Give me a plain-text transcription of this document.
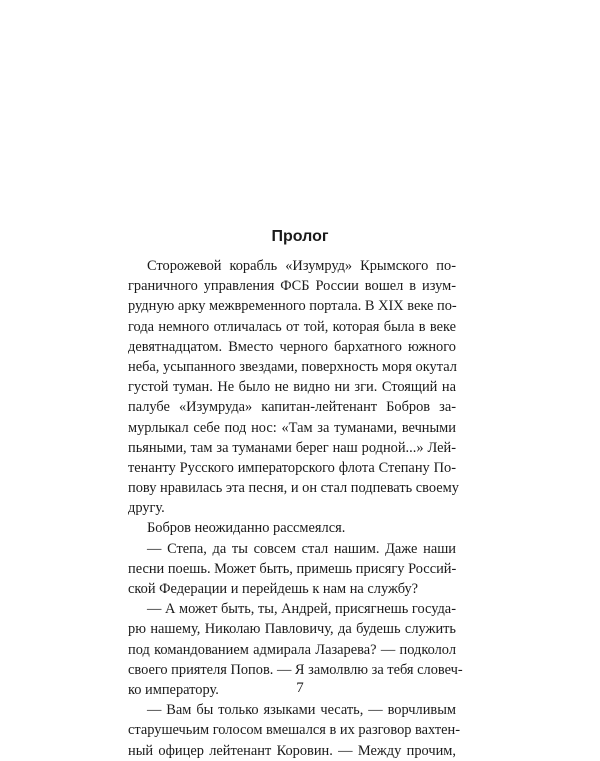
Пролог
Сторожевой корабль «Изумруд» Крымского по-
граничного управления ФСБ России вошел в изум-
рудную арку межвременного портала. В XIX веке по-
года немного отличалась от той, которая была в веке
девятнадцатом. Вместо черного бархатного южного
неба, усыпанного звездами, поверхность моря окутал
густой туман. Не было не видно ни зги. Стоящий на
палубе «Изумруда» капитан-лейтенант Бобров за-
мурлыкал себе под нос: «Там за туманами, вечными
пьяными, там за туманами берег наш родной...» Лей-
тенанту Русского императорского флота Степану По-
пову нравилась эта песня, и он стал подпевать своему
другу.
Бобров неожиданно рассмеялся.
— Степа, да ты совсем стал нашим. Даже наши
песни поешь. Может быть, примешь присягу Россий-
ской Федерации и перейдешь к нам на службу?
— А может быть, ты, Андрей, присягнешь госуда-
рю нашему, Николаю Павловичу, да будешь служить
под командованием адмирала Лазарева? — подколол
своего приятеля Попов. — Я замолвлю за тебя словеч-
ко императору.
— Вам бы только языками чесать, — ворчливым
старушечьим голосом вмешался в их разговор вахтен-
ный офицер лейтенант Коровин. — Между прочим,
7
